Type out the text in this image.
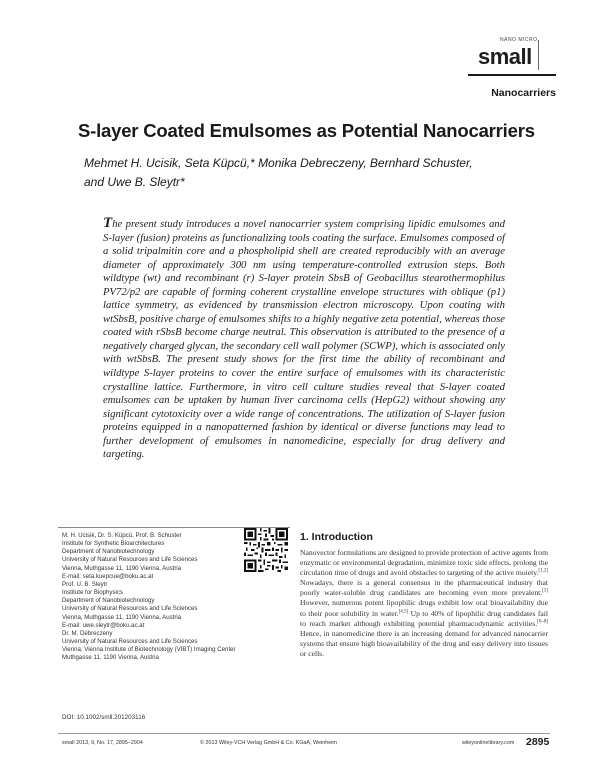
NANO MICRO
small
Nanocarriers
S-layer Coated Emulsomes as Potential Nanocarriers
Mehmet H. Ucisik, Seta Küpcü,* Monika Debreczeny, Bernhard Schuster,
and Uwe B. Sleytr*
The present study introduces a novel nanocarrier system comprising lipidic emulsomes and S-layer (fusion) proteins as functionalizing tools coating the surface. Emulsomes composed of a solid tripalmitin core and a phospholipid shell are created reproducibly with an average diameter of approximately 300 nm using temperature-controlled extrusion steps. Both wildtype (wt) and recombinant (r) S-layer protein SbsB of Geobacillus stearothermophilus PV72/p2 are capable of forming coherent crystalline envelope structures with oblique (p1) lattice symmetry, as evidenced by transmission electron microscopy. Upon coating with wtSbsB, positive charge of emulsomes shifts to a highly negative zeta potential, whereas those coated with rSbsB become charge neutral. This observation is attributed to the presence of a negatively charged glycan, the secondary cell wall polymer (SCWP), which is associated only with wtSbsB. The present study shows for the first time the ability of recombinant and wildtype S-layer proteins to cover the entire surface of emulsomes with its characteristic crystalline lattice. Furthermore, in vitro cell culture studies reveal that S-layer coated emulsomes can be uptaken by human liver carcinoma cells (HepG2) without showing any significant cytotoxicity over a wide range of concentrations. The utilization of S-layer fusion proteins equipped in a nanopatterned fashion by identical or diverse functions may lead to further development of emulsomes in nanomedicine, especially for drug delivery and targeting.
M. H. Ucisik, Dr. S. Küpcü, Prof. B. Schuster
Institute for Synthetic Bioarchitectures
Department of Nanobiotechnology
University of Natural Resources and Life Sciences
Vienna, Muthgasse 11, 1190 Vienna, Austria
E-mail: seta.kuepcue@boku.ac.at
Prof. U. B. Sleytr
Institute for Biophysics
Department of Nanobiotechnology
University of Natural Resources and Life Sciences
Vienna, Muthgasse 11, 1190 Vienna, Austria
E-mail: uwe.sleytr@boku.ac.at
Dr. M. Debreczeny
University of Natural Resources and Life Sciences
Vienna, Vienna Institute of Biotechnology (VIBT) Imaging Center
Muthgasse 11, 1190 Vienna, Austria
DOI: 10.1002/smll.201203116
1. Introduction
Nanovector formulations are designed to provide protection of active agents from enzymatic or environmental degradation, minimize toxic side effects, prolong the circulation time of drugs and avoid obstacles to targeting of the active moiety.[1,2] Nowadays, there is a general consensus in the pharmaceutical industry that poorly water-soluble drug candidates are becoming even more prevalent.[3] However, numerous potent lipophilic drugs exhibit low oral bioavailability due to their poor solubility in water.[4,5] Up to 40% of lipophilic drug candidates fail to reach market although exhibiting potential pharmacodynamic activities.[6–8] Hence, in nanomedicine there is an increasing demand for advanced nanocarrier systems that ensure high bioavailability of the drug and easy delivery into tissues or cells.
small 2013, 9, No. 17, 2895–2904	© 2013 Wiley-VCH Verlag GmbH & Co. KGaA, Weinheim	wileyonlinelibrary.com 2895
